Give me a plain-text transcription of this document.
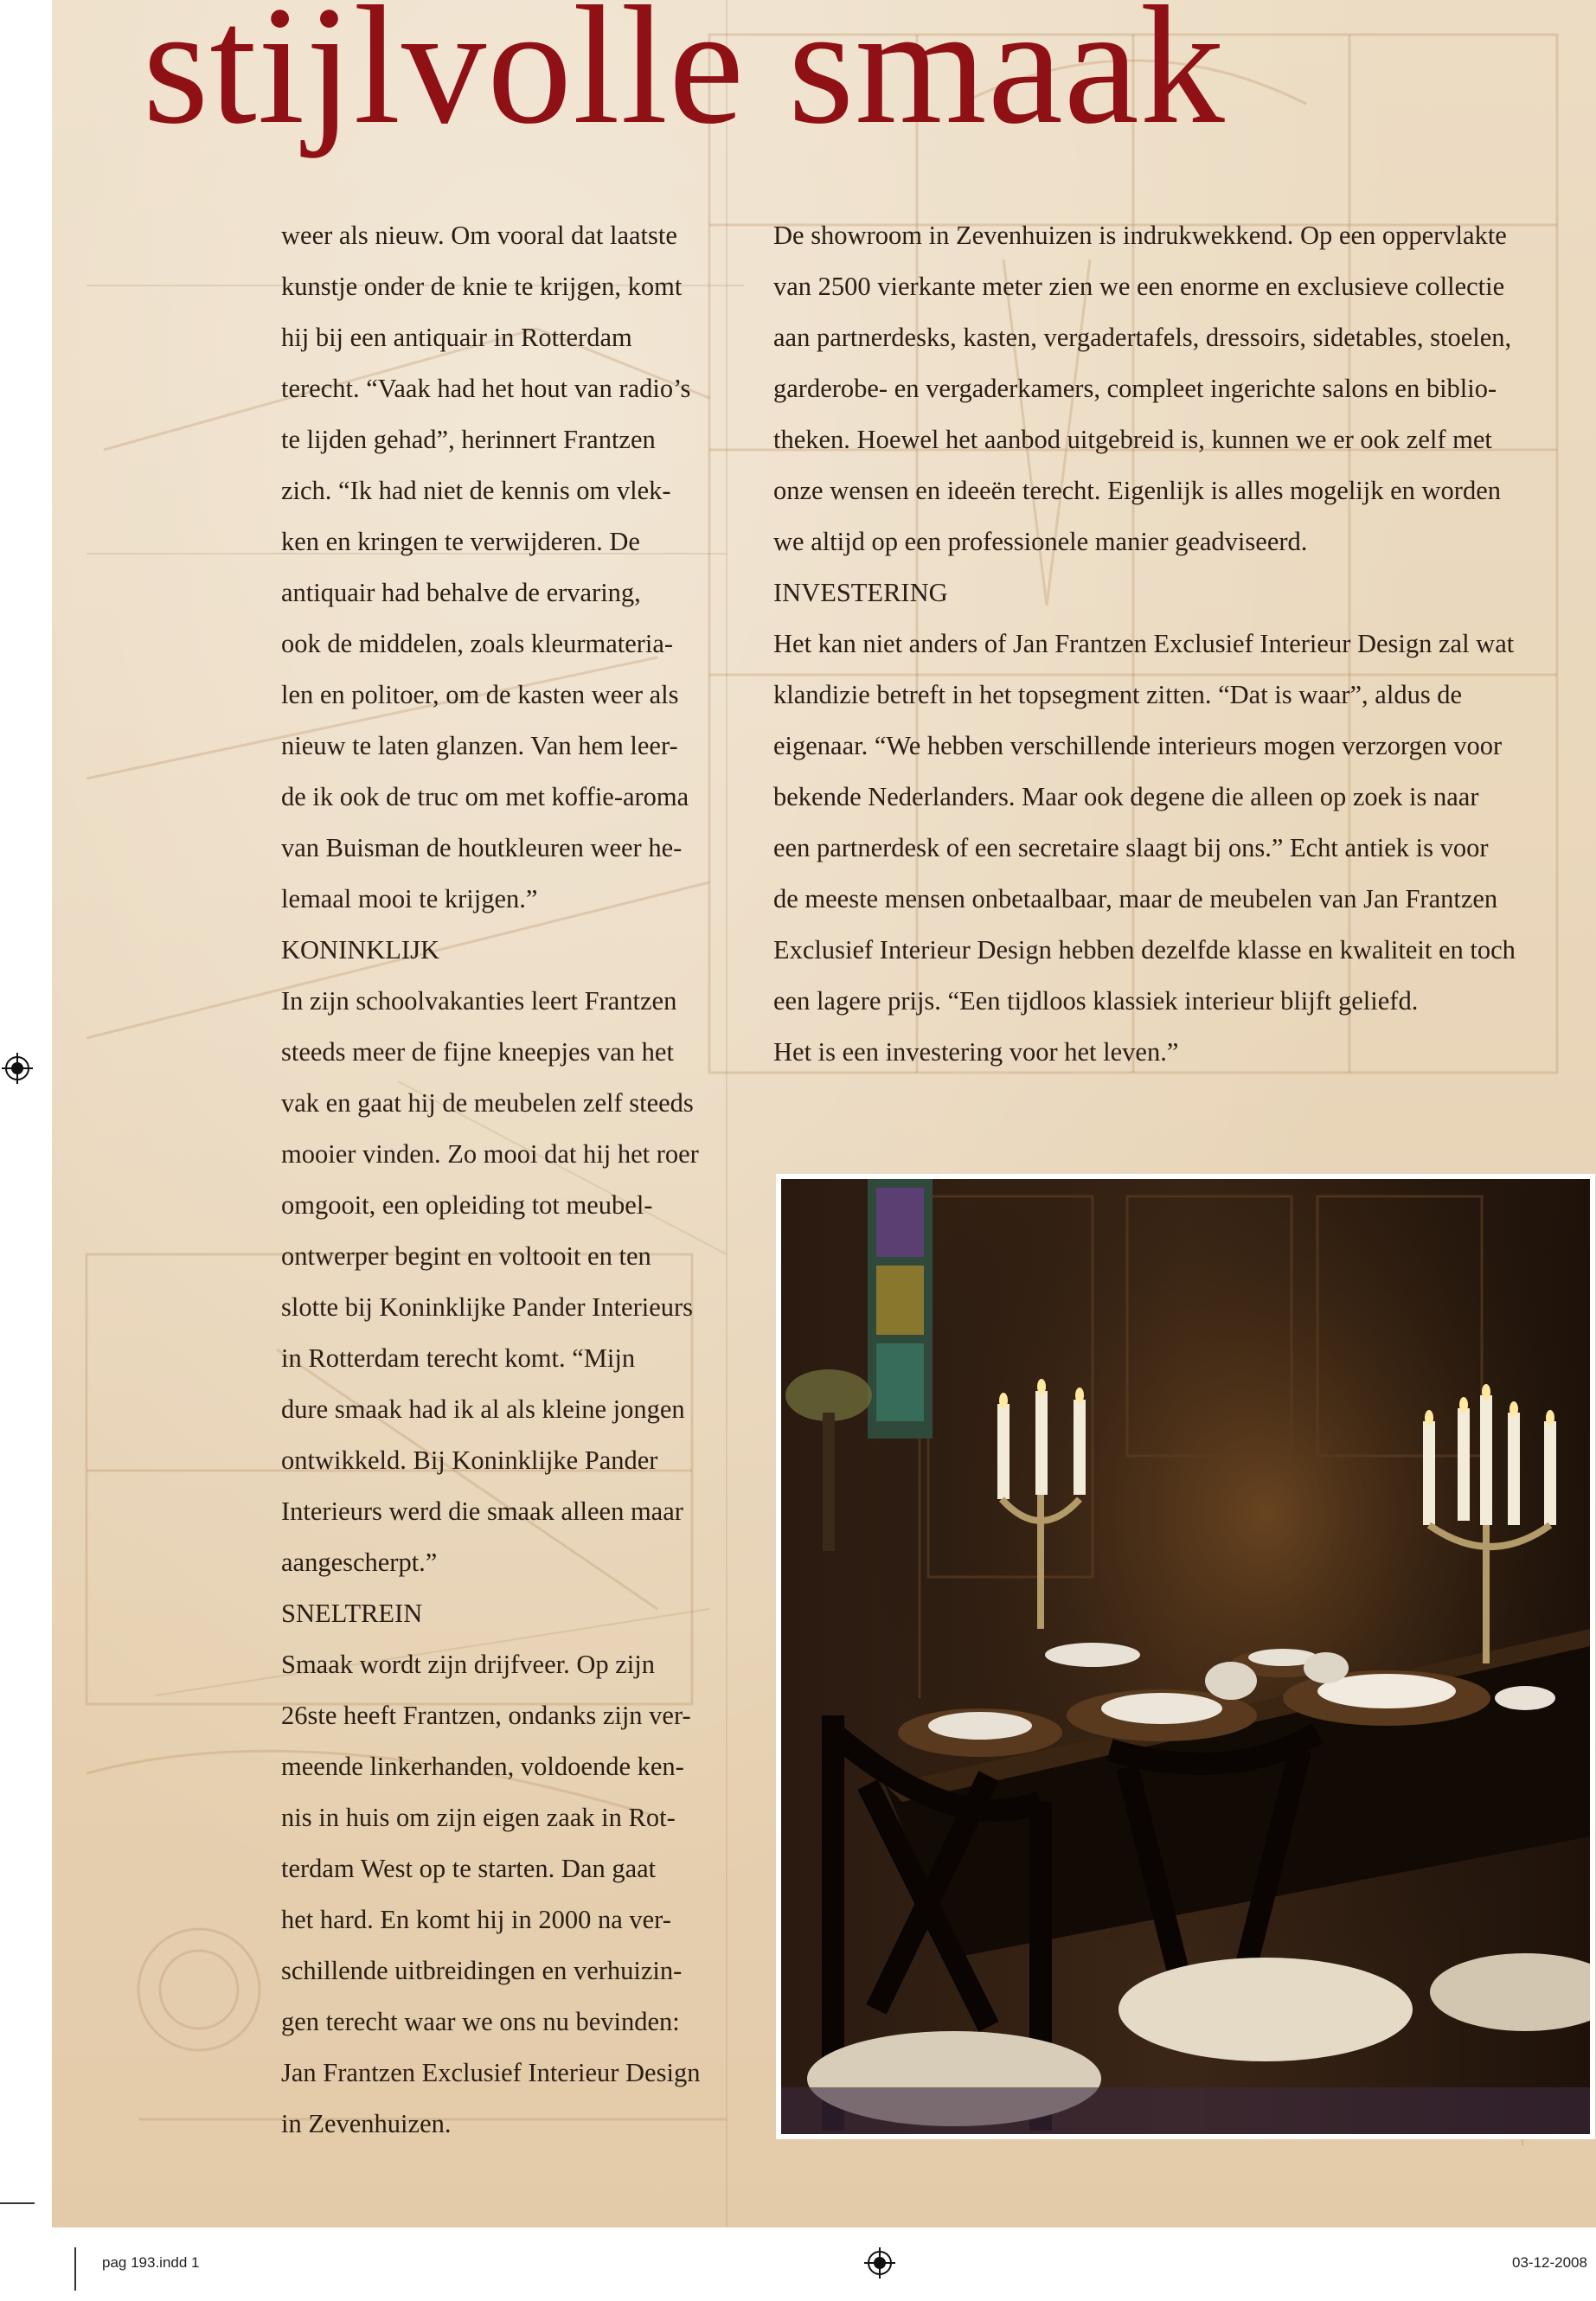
stijlvolle smaak
weer als nieuw. Om vooral dat laatste
kunstje onder de knie te krijgen, komt
hij bij een antiquair in Rotterdam
terecht. “Vaak had het hout van radio’s
te lijden gehad”, herinnert Frantzen
zich. “Ik had niet de kennis om vlek-
ken en kringen te verwijderen. De
antiquair had behalve de ervaring,
ook de middelen, zoals kleurmateria-
len en politoer, om de kasten weer als
nieuw te laten glanzen. Van hem leer-
de ik ook de truc om met koffie-aroma
van Buisman de houtkleuren weer he-
lemaal mooi te krijgen.”
KONINKLIJK
In zijn schoolvakanties leert Frantzen
steeds meer de fijne kneepjes van het
vak en gaat hij de meubelen zelf steeds
mooier vinden. Zo mooi dat hij het roer
omgooit, een opleiding tot meubel-
ontwerper begint en voltooit en ten
slotte bij Koninklijke Pander Interieurs
in Rotterdam terecht komt. “Mijn
dure smaak had ik al als kleine jongen
ontwikkeld. Bij Koninklijke Pander
Interieurs werd die smaak alleen maar
aangescherpt.”
SNELTREIN
Smaak wordt zijn drijfveer. Op zijn
26ste heeft Frantzen, ondanks zijn ver-
meende linkerhanden, voldoende ken-
nis in huis om zijn eigen zaak in Rot-
terdam West op te starten. Dan gaat
het hard. En komt hij in 2000 na ver-
schillende uitbreidingen en verhuizin-
gen terecht waar we ons nu bevinden:
Jan Frantzen Exclusief Interieur Design
in Zevenhuizen.
De showroom in Zevenhuizen is indrukwekkend. Op een oppervlakte
van 2500 vierkante meter zien we een enorme en exclusieve collectie
aan partnerdesks, kasten, vergadertafels, dressoirs, sidetables, stoelen,
garderobe- en vergaderkamers, compleet ingerichte salons en biblio-
theken. Hoewel het aanbod uitgebreid is, kunnen we er ook zelf met
onze wensen en ideeën terecht. Eigenlijk is alles mogelijk en worden
we altijd op een professionele manier geadviseerd.
INVESTERING
Het kan niet anders of Jan Frantzen Exclusief Interieur Design zal wat
klandizie betreft in het topsegment zitten. “Dat is waar”, aldus de
eigenaar. “We hebben verschillende interieurs mogen verzorgen voor
bekende Nederlanders. Maar ook degene die alleen op zoek is naar
een partnerdesk of een secretaire slaagt bij ons.” Echt antiek is voor
de meeste mensen onbetaalbaar, maar de meubelen van Jan Frantzen
Exclusief Interieur Design hebben dezelfde klasse en kwaliteit en toch
een lagere prijs. “Een tijdloos klassiek interieur blijft geliefd.
Het is een investering voor het leven.”
pag 193.indd 1	03-12-2008
